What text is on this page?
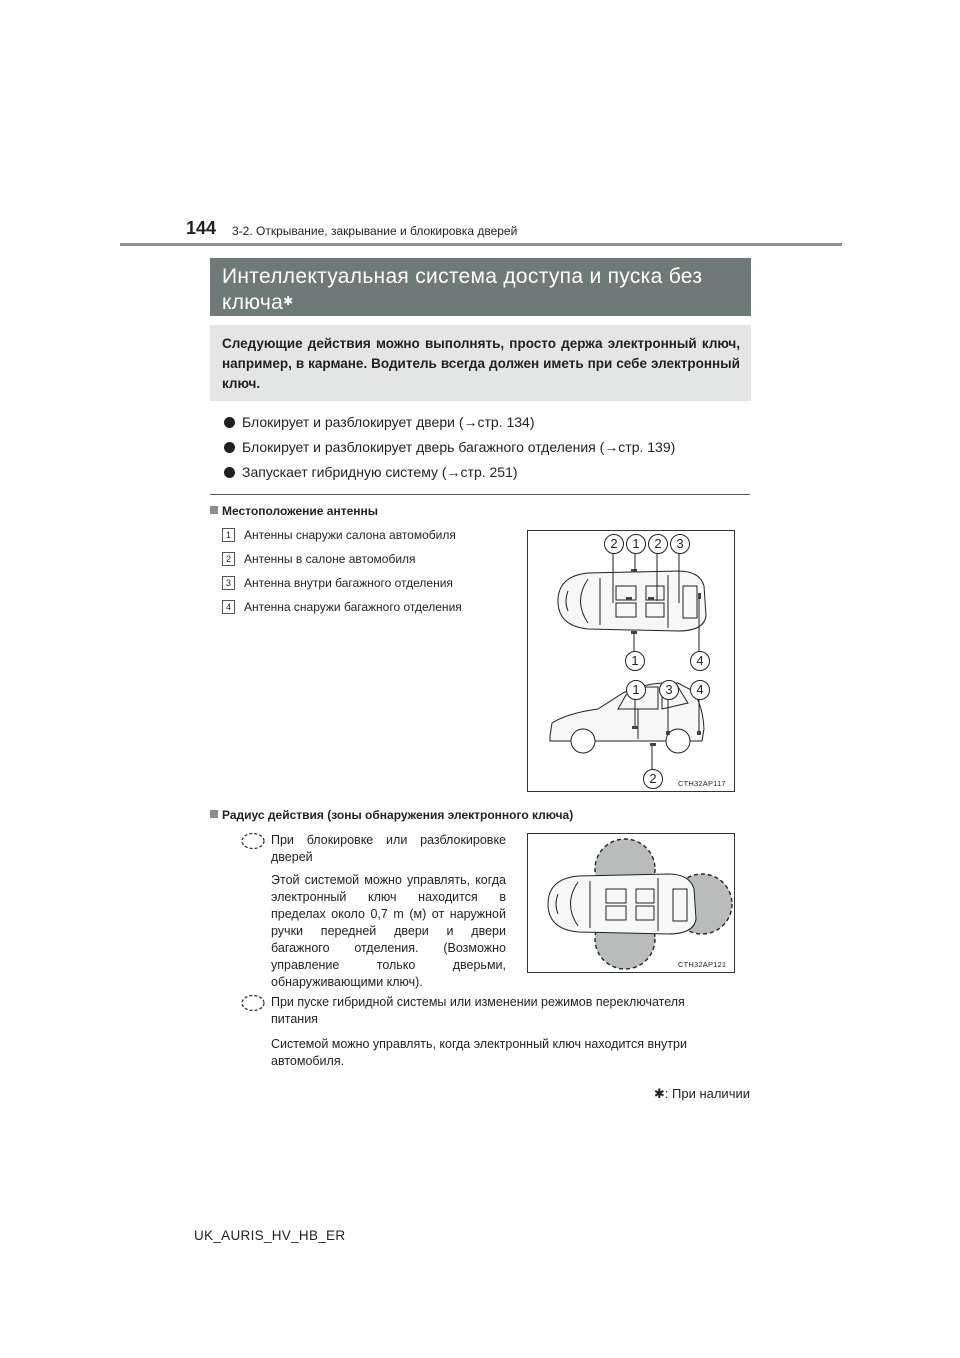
144 3-2. Открывание, закрывание и блокировка дверей
Интеллектуальная система доступа и пуска без ключа✱
Следующие действия можно выполнять, просто держа электронный ключ, например, в кармане. Водитель всегда должен иметь при себе электронный ключ.
Блокирует и разблокирует двери (→стр. 134)
Блокирует и разблокирует дверь багажного отделения (→стр. 139)
Запускает гибридную систему (→стр. 251)
Местоположение антенны
1 Антенны снаружи салона автомобиля
2 Антенны в салоне автомобиля
3 Антенна внутри багажного отделения
4 Антенна снаружи багажного отделения
2	1	2	3
1	4
1	3	4
2	CTH32AP117
Радиус действия (зоны обнаружения электронного ключа)
При блокировке или разблокировке дверей
Этой системой можно управлять, когда электронный ключ находится в пределах около 0,7 m (м) от наружной ручки передней двери и двери багажного отделения. (Возможно управление только дверьми, обнаруживающими ключ).
CTH32AP121
При пуске гибридной системы или изменении режимов переключателя питания
Системой можно управлять, когда электронный ключ находится внутри автомобиля.
✱: При наличии
UK_AURIS_HV_HB_ER
